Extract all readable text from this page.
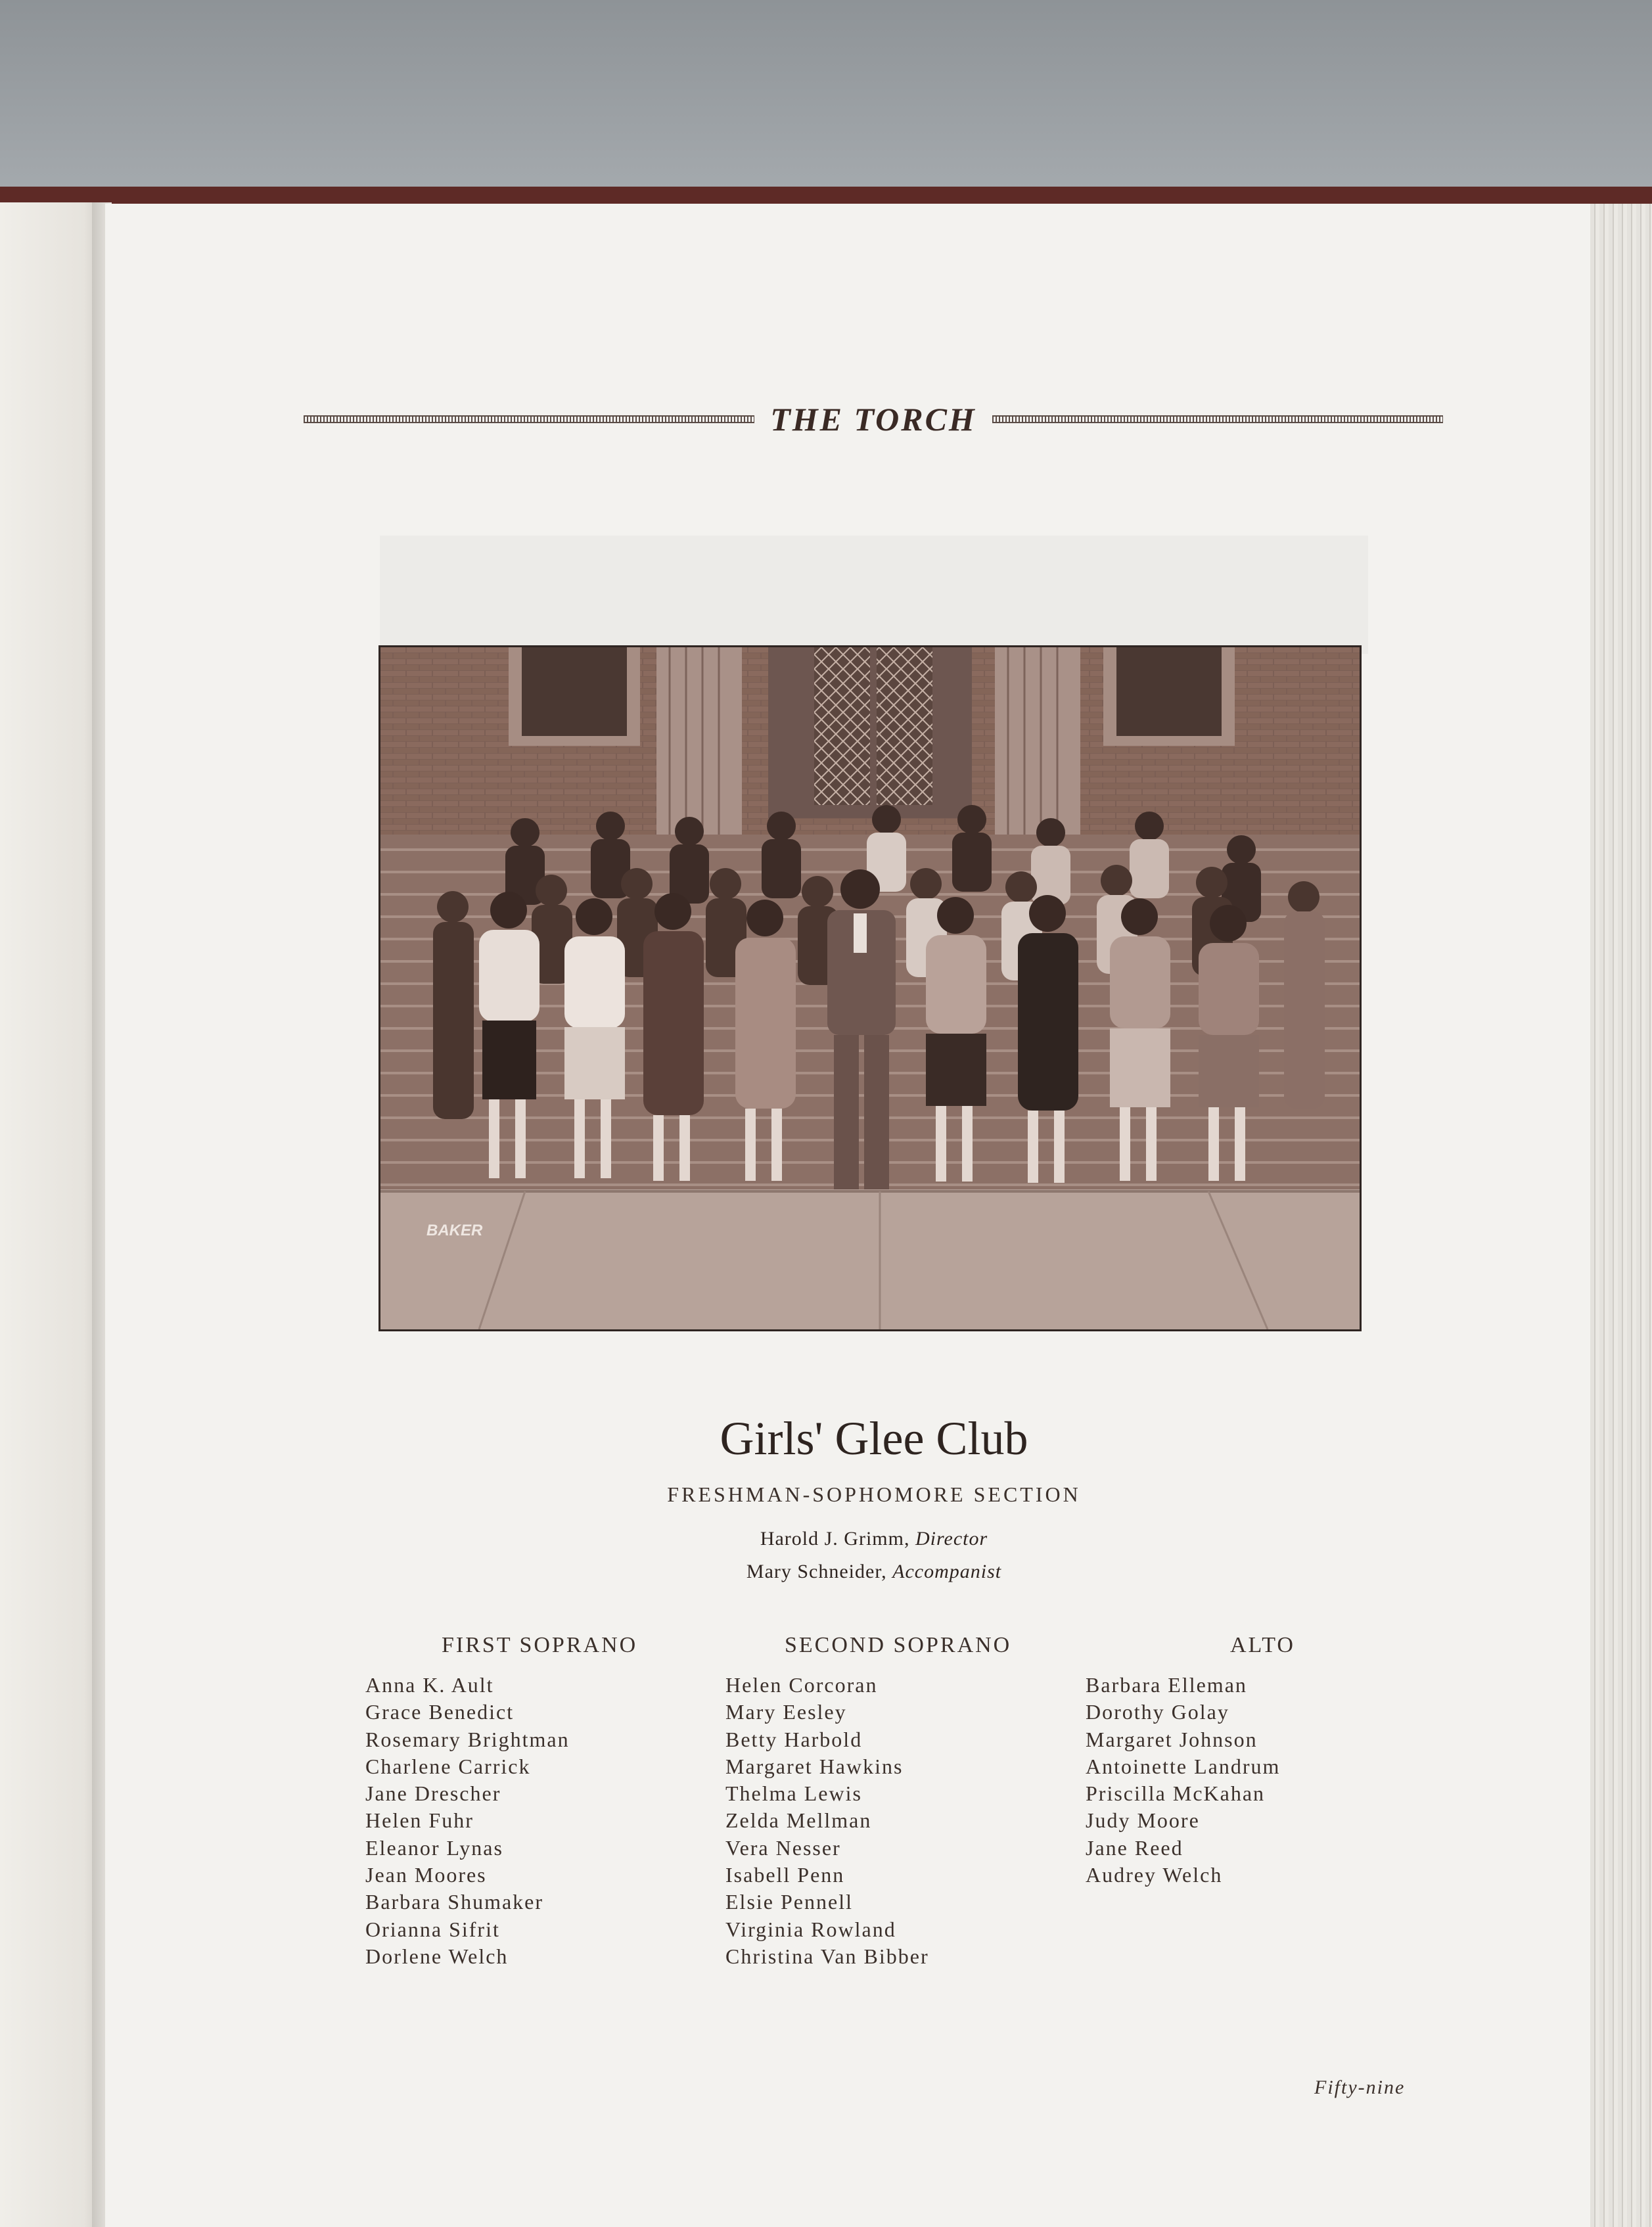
THE TORCH
BAKER
Girls' Glee Club
FRESHMAN-SOPHOMORE SECTION
Harold J. Grimm, Director
Mary Schneider, Accompanist
FIRST SOPRANO
Anna K. Ault
Grace Benedict
Rosemary Brightman
Charlene Carrick
Jane Drescher
Helen Fuhr
Eleanor Lynas
Jean Moores
Barbara Shumaker
Orianna Sifrit
Dorlene Welch
SECOND SOPRANO
Helen Corcoran
Mary Eesley
Betty Harbold
Margaret Hawkins
Thelma Lewis
Zelda Mellman
Vera Nesser
Isabell Penn
Elsie Pennell
Virginia Rowland
Christina Van Bibber
ALTO
Barbara Elleman
Dorothy Golay
Margaret Johnson
Antoinette Landrum
Priscilla McKahan
Judy Moore
Jane Reed
Audrey Welch
Fifty-nine
